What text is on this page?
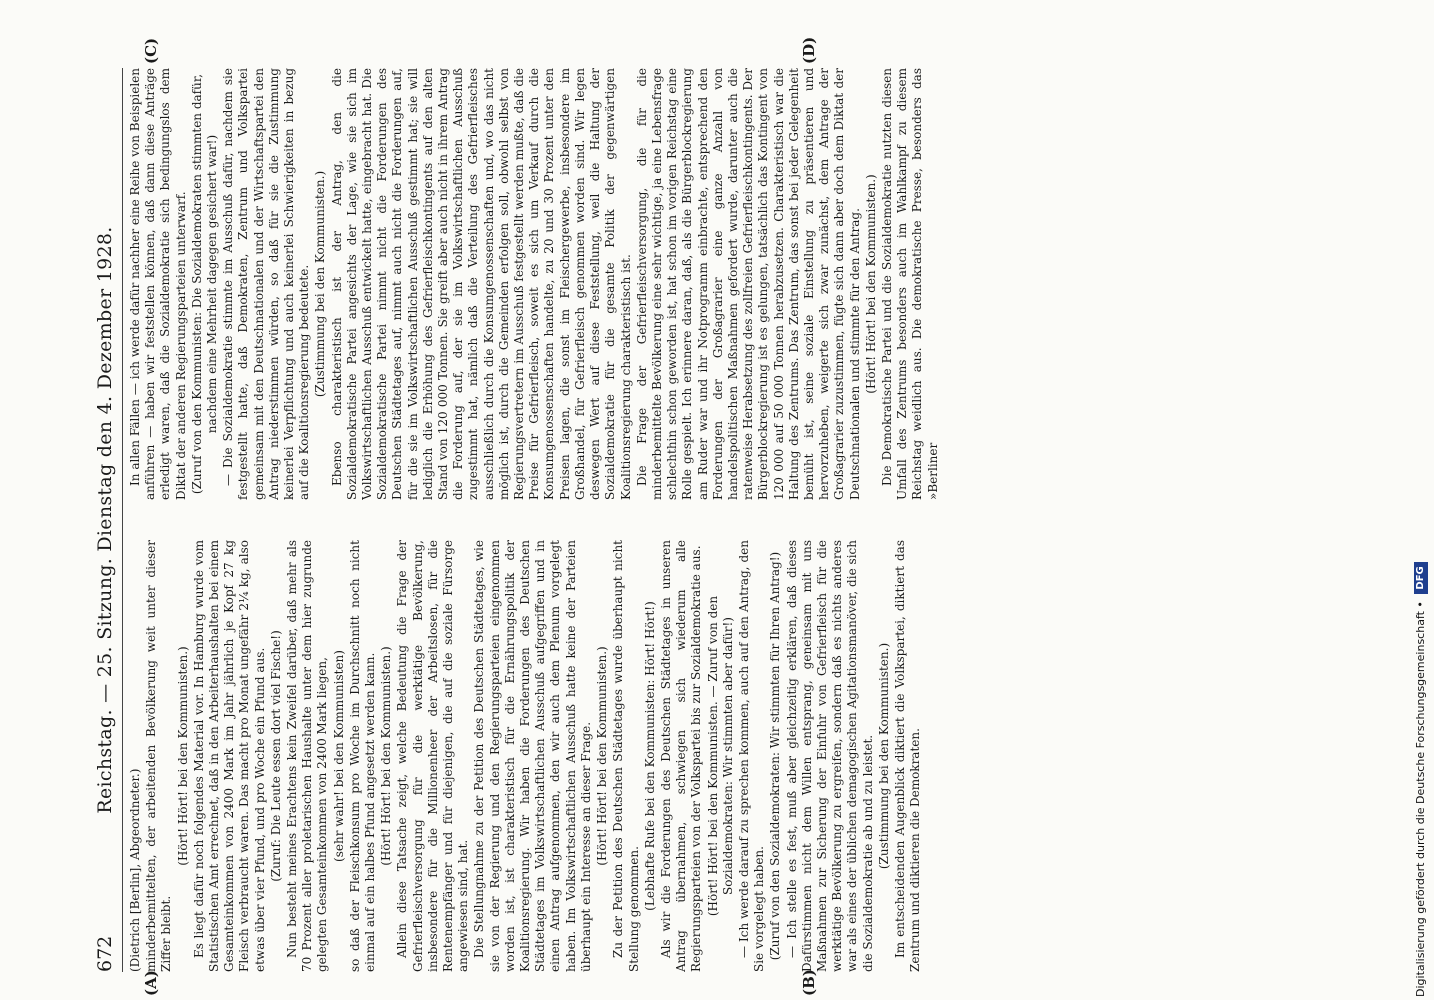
672
Reichstag. — 25. Sitzung. Dienstag den 4. Dezember 1928.
(A)	(B)
(C)	(D)

(Dietrich [Berlin], Abgeordneter.) minderbemittelten, der arbeitenden Bevölkerung weit unter dieser Ziffer bleibt.

(Hört! Hört! bei den Kommunisten.) Es liegt dafür noch folgendes Material vor. In Hamburg wurde vom Statistischen Amt errechnet, daß in den Arbeiterhaushalten bei einem Gesamteinkommen von 2400 Mark im Jahr jährlich je Kopf 27 kg Fleisch verbraucht waren. Das macht pro Monat ungefähr 2¼ kg, also etwas über vier Pfund, und pro Woche ein Pfund aus. (Zuruf: Die Leute essen dort viel Fische!) Nun besteht meines Erachtens kein Zweifel darüber, daß mehr als 70 Prozent aller proletarischen Haushalte unter dem hier zugrunde gelegten Gesamteinkommen von 2400 Mark liegen, (sehr wahr! bei den Kommunisten) so daß der Fleischkonsum pro Woche im Durchschnitt noch nicht einmal auf ein halbes Pfund angesetzt werden kann. (Hört! Hört! bei den Kommunisten.) Allein diese Tatsache zeigt, welche Bedeutung die Frage der Gefrierfleischversorgung für die werktätige Bevölkerung, insbesondere für die Millionenheer der Arbeitslosen, für die Rentenempfänger und für diejenigen, die auf die soziale Fürsorge angewiesen sind, hat. Die Stellungnahme zu der Petition des Deutschen Städtetages, wie sie von der Regierung und den Regierungsparteien eingenommen worden ist, ist charakteristisch für die Ernährungspolitik der Koalitionsregierung. Wir haben die Forderungen des Deutschen Städtetages im Volkswirtschaftlichen Ausschuß aufgegriffen und in einen Antrag aufgenommen, den wir auch dem Plenum vorgelegt haben. Im Volkswirtschaftlichen Ausschuß hatte keine der Parteien überhaupt ein Interesse an dieser Frage. (Hört! Hört! bei den Kommunisten.) Zu der Petition des Deutschen Städtetages wurde überhaupt nicht Stellung genommen. (Lebhafte Rufe bei den Kommunisten: Hört! Hört!) Als wir die Forderungen des Deutschen Städtetages in unseren Antrag übernahmen, schwiegen sich wiederum alle Regierungsparteien von der Volkspartei bis zur Sozialdemokratie aus. (Hört! Hört! bei den Kommunisten. — Zuruf von den Sozialdemokraten: Wir stimmten aber dafür!) — Ich werde darauf zu sprechen kommen, auch auf den Antrag, den Sie vorgelegt haben. (Zuruf von den Sozialdemokraten: Wir stimmten für Ihren Antrag!) — Ich stelle es fest, muß aber gleichzeitig erklären, daß dieses Dafürstimmen nicht dem Willen entsprang, geneinsam mit uns Maßnahmen zur Sicherung der Einfuhr von Gefrierfleisch für die werktätige Bevölkerung zu ergreifen, sondern daß es nichts anderes war als eines der üblichen demagogischen Agitationsmanöver, die sich die Sozialdemokratie ab und zu leistet. (Zustimmung bei den Kommunisten.) Im entscheidenden Augenblick diktiert die Volkspartei, diktiert das Zentrum und diktieren die Demokraten.

In allen Fällen — ich werde dafür nachher eine Reihe von Beispielen anführen — haben wir feststellen können, daß dann diese Anträge erledigt waren, daß die Sozialdemokratie sich bedingungslos dem Diktat der anderen Regierungsparteien unterwarf. (Zuruf von den Kommunisten: Die Sozialdemokraten stimmten dafür, nachdem eine Mehrheit dagegen gesichert war!) — Die Sozialdemokratie stimmte im Ausschuß dafür, nachdem sie festgestellt hatte, daß Demokraten, Zentrum und Volkspartei gemeinsam mit den Deutschnationalen und der Wirtschaftspartei den Antrag niederstimmen würden, so daß für sie die Zustimmung keinerlei Verpflichtung und auch keinerlei Schwierigkeiten in bezug auf die Koalitionsregierung bedeutete. (Zustimmung bei den Kommunisten.) Ebenso charakteristisch ist der Antrag, den die Sozialdemokratische Partei angesichts der Lage, wie sie sich im Volkswirtschaftlichen Ausschuß entwickelt hatte, eingebracht hat. Die Sozialdemokratische Partei nimmt nicht die Forderungen des Deutschen Städtetages auf, nimmt auch nicht die Forderungen auf, für die sie im Volkswirtschaftlichen Ausschuß gestimmt hat; sie will lediglich die Erhöhung des Gefrierfleischkontingents auf den alten Stand von 120 000 Tonnen. Sie greift aber auch nicht in ihrem Antrag die Forderung auf, der sie im Volkswirtschaftlichen Ausschuß zugestimmt hat, nämlich daß die Verteilung des Gefrierfleisches ausschließlich durch die Konsumgenossenschaften und, wo das nicht möglich ist, durch die Gemeinden erfolgen soll, obwohl selbst von Regierungsvertretern im Ausschuß festgestellt werden mußte, daß die Preise für Gefrierfleisch, soweit es sich um Verkauf durch die Konsumgenossenschaften handelte, zu 20 und 30 Prozent unter den Preisen lagen, die sonst im Fleischergewerbe, insbesondere im Großhandel, für Gefrierfleisch genommen worden sind. Wir legen deswegen Wert auf diese Feststellung, weil die Haltung der Sozialdemokratie für die gesamte Politik der gegenwärtigen Koalitionsregierung charakteristisch ist. Die Frage der Gefrierfleischversorgung, die für die minderbemittelte Bevölkerung eine sehr wichtige, ja eine Lebensfrage schlechthin schon geworden ist, hat schon im vorigen Reichstag eine Rolle gespielt. Ich erinnere daran, daß, als die Bürgerblockregierung am Ruder war und ihr Notprogramm einbrachte, entsprechend den Forderungen der Großagrarier eine ganze Anzahl von handelspolitischen Maßnahmen gefordert wurde, darunter auch die ratenweise Herabsetzung des zollfreien Gefrierfleischkontingents. Der Bürgerblockregierung ist es gelungen, tatsächlich das Kontingent von 120 000 auf 50 000 Tonnen herabzusetzen. Charakteristisch war die Haltung des Zentrums. Das Zentrum, das sonst bei jeder Gelegenheit bemüht ist, seine soziale Einstellung zu präsentieren und hervorzuheben, weigerte sich zwar zunächst, dem Antrage der Großagrarier zuzustimmen, fügte sich dann aber doch dem Diktat der Deutschnationalen und stimmte für den Antrag. (Hört! Hört! bei den Kommunisten.) Die Demokratische Partei und die Sozialdemokratie nutzten diesen Umfall des Zentrums besonders auch im Wahlkampf zu diesem Reichstag weidlich aus. Die demokratische Presse, besonders das »Berliner

Digitalisierung gefördert durch die Deutsche Forschungsgemeinschaft • DFG
